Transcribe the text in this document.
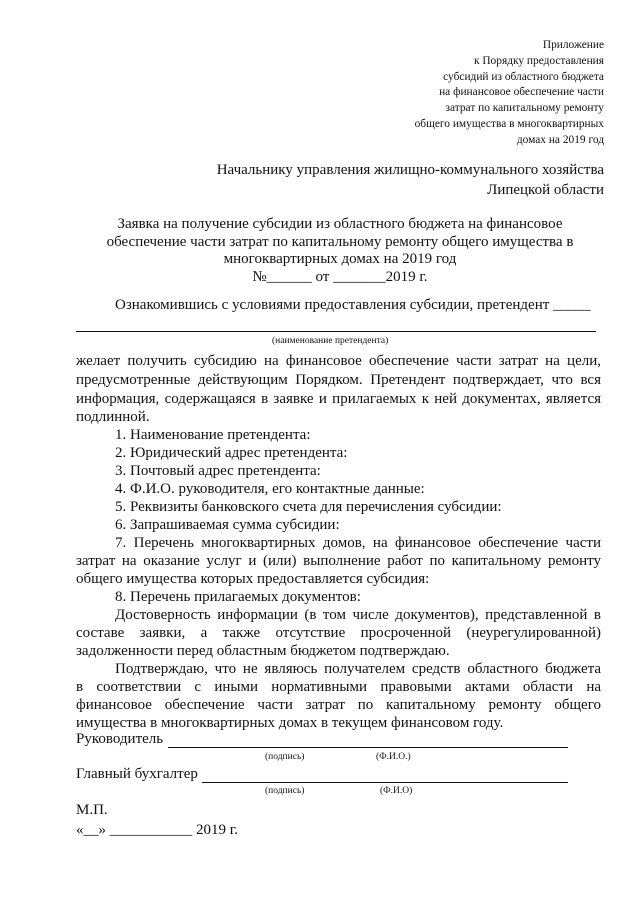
Приложение
к Порядку предоставления
субсидий из областного бюджета
на финансовое обеспечение части
затрат по капитальному ремонту
общего имущества в многоквартирных
домах на 2019 год
Начальнику управления жилищно-коммунального хозяйства
Липецкой области
Заявка на получение субсидии из областного бюджета на финансовое
обеспечение части затрат по капитальному ремонту общего имущества в
многоквартирных домах на 2019 год
№______ от _______2019 г.
Ознакомившись с условиями предоставления субсидии, претендент _____
(наименование претендента)
желает получить субсидию на финансовое обеспечение части затрат на цели,
предусмотренные действующим Порядком. Претендент подтверждает, что вся
информация, содержащаяся в заявке и прилагаемых к ней документах, является
подлинной.
1. Наименование претендента:
2. Юридический адрес претендента:
3. Почтовый адрес претендента:
4. Ф.И.О. руководителя, его контактные данные:
5. Реквизиты банковского счета для перечисления субсидии:
6. Запрашиваемая сумма субсидии:
7. Перечень многоквартирных домов, на финансовое обеспечение части
затрат на оказание услуг и (или) выполнение работ по капитальному ремонту
общего имущества которых предоставляется субсидия:
8. Перечень прилагаемых документов:
Достоверность информации (в том числе документов), представленной в
составе заявки, а также отсутствие просроченной (неурегулированной)
задолженности перед областным бюджетом подтверждаю.
Подтверждаю, что не являюсь получателем средств областного бюджета
в соответствии с иными нормативными правовыми актами области на
финансовое обеспечение части затрат по капитальному ремонту общего
имущества в многоквартирных домах в текущем финансовом году.
Руководитель
(подпись)	(Ф.И.О.)
Главный бухгалтер
(подпись)	(Ф.И.О)
М.П.
«__» ___________ 2019 г.
